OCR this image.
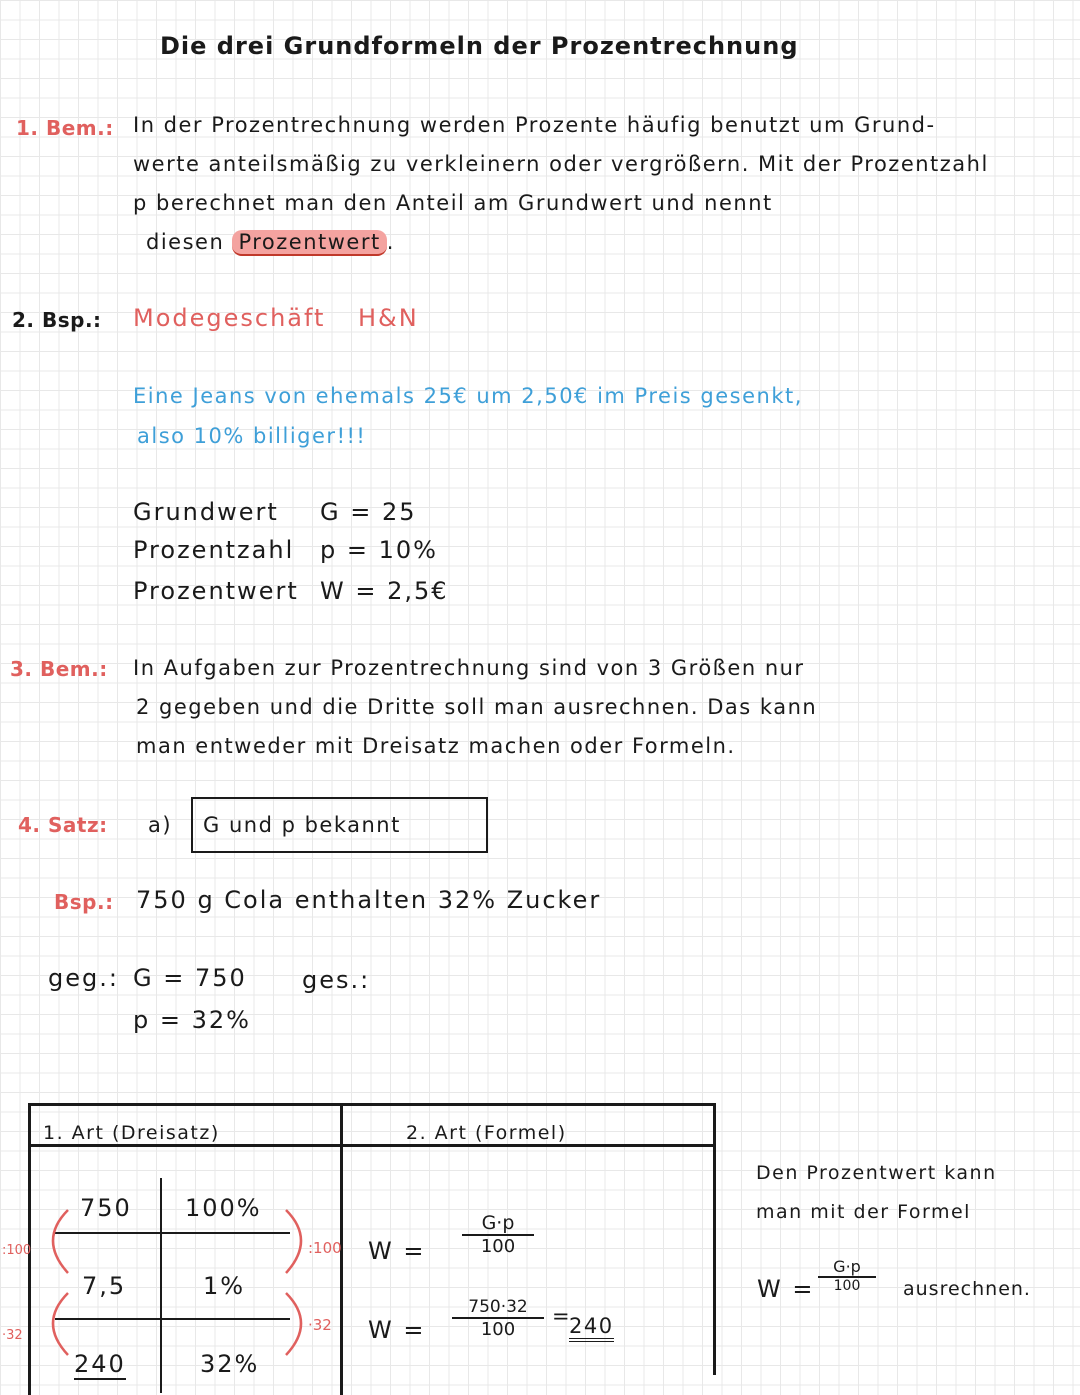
Die drei Grundformeln der Prozentrechnung
1. Bem.: In der Prozentrechnung werden Prozente häufig benutzt um Grund-
werte anteilsmäßig zu verkleinern oder vergrößern. Mit der Prozentzahl
p berechnet man den Anteil am Grundwert und nennt
diesen Prozentwert .
2. Bsp.: Modegeschäft H&N
Eine Jeans von ehemals 25€ um 2,50€ im Preis gesenkt,
also 10% billiger!!!
Grundwert G = 25
Prozentzahl p = 10%
Prozentwert W = 2,5€
3. Bem.: In Aufgaben zur Prozentrechnung sind von 3 Größen nur
2 gegeben und die Dritte soll man ausrechnen. Das kann
man entweder mit Dreisatz machen oder Formeln.
4. Satz: a) G und p bekannt
Bsp.: 750 g Cola enthalten 32% Zucker
geg.: G = 750
p = 32%
ges.:
1. Art (Dreisatz)	2. Art (Formel)
750 100%
7,5	1%
240	32%
:100
·32
:100
·32
$W = \frac{G\cdot p}{100}$
$W = \frac{750\cdot 32}{100}$ =
240
Den Prozentwert kann
man mit der Formel
$W = \frac{G\cdot p}{100}$ ausrechnen.
